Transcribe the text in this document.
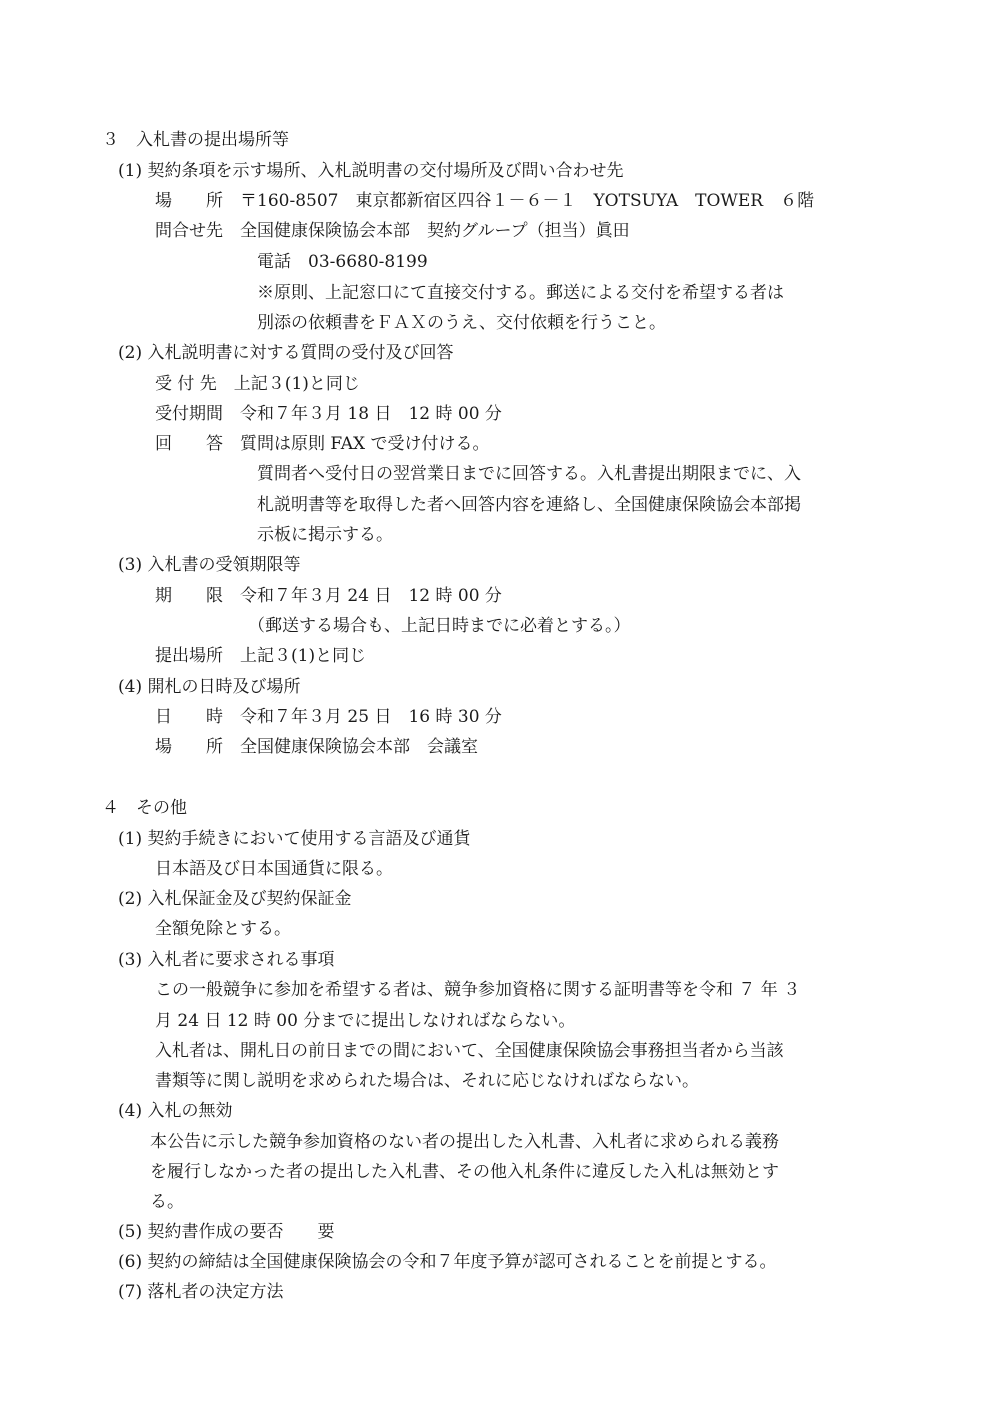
３　入札書の提出場所等
(1) 契約条項を示す場所、入札説明書の交付場所及び問い合わせ先
場　　所　〒160-8507　東京都新宿区四谷１－６－１　YOTSUYA　TOWER　６階
問合せ先　全国健康保険協会本部　契約グループ（担当）眞田
電話　03-6680-8199
※原則、上記窓口にて直接交付する。郵送による交付を希望する者は
別添の依頼書をＦＡＸのうえ、交付依頼を行うこと。
(2) 入札説明書に対する質問の受付及び回答
受 付 先　上記３(1)と同じ
受付期間　令和７年３月 18 日　12 時 00 分
回　　答　質問は原則 FAX で受け付ける。
質問者へ受付日の翌営業日までに回答する。入札書提出期限までに、入
札説明書等を取得した者へ回答内容を連絡し、全国健康保険協会本部掲
示板に掲示する。
(3) 入札書の受領期限等
期　　限　令和７年３月 24 日　12 時 00 分
（郵送する場合も、上記日時までに必着とする。）
提出場所　上記３(1)と同じ
(4) 開札の日時及び場所
日　　時　令和７年３月 25 日　16 時 30 分
場　　所　全国健康保険協会本部　会議室
４　その他
(1) 契約手続きにおいて使用する言語及び通貨
日本語及び日本国通貨に限る。
(2) 入札保証金及び契約保証金
全額免除とする。
(3) 入札者に要求される事項
この一般競争に参加を希望する者は、競争参加資格に関する証明書等を令和 ７ 年 ３
月 24 日 12 時 00 分までに提出しなければならない。
入札者は、開札日の前日までの間において、全国健康保険協会事務担当者から当該
書類等に関し説明を求められた場合は、それに応じなければならない。
(4) 入札の無効
本公告に示した競争参加資格のない者の提出した入札書、入札者に求められる義務
を履行しなかった者の提出した入札書、その他入札条件に違反した入札は無効とす
る。
(5) 契約書作成の要否　　要
(6) 契約の締結は全国健康保険協会の令和７年度予算が認可されることを前提とする。
(7) 落札者の決定方法
